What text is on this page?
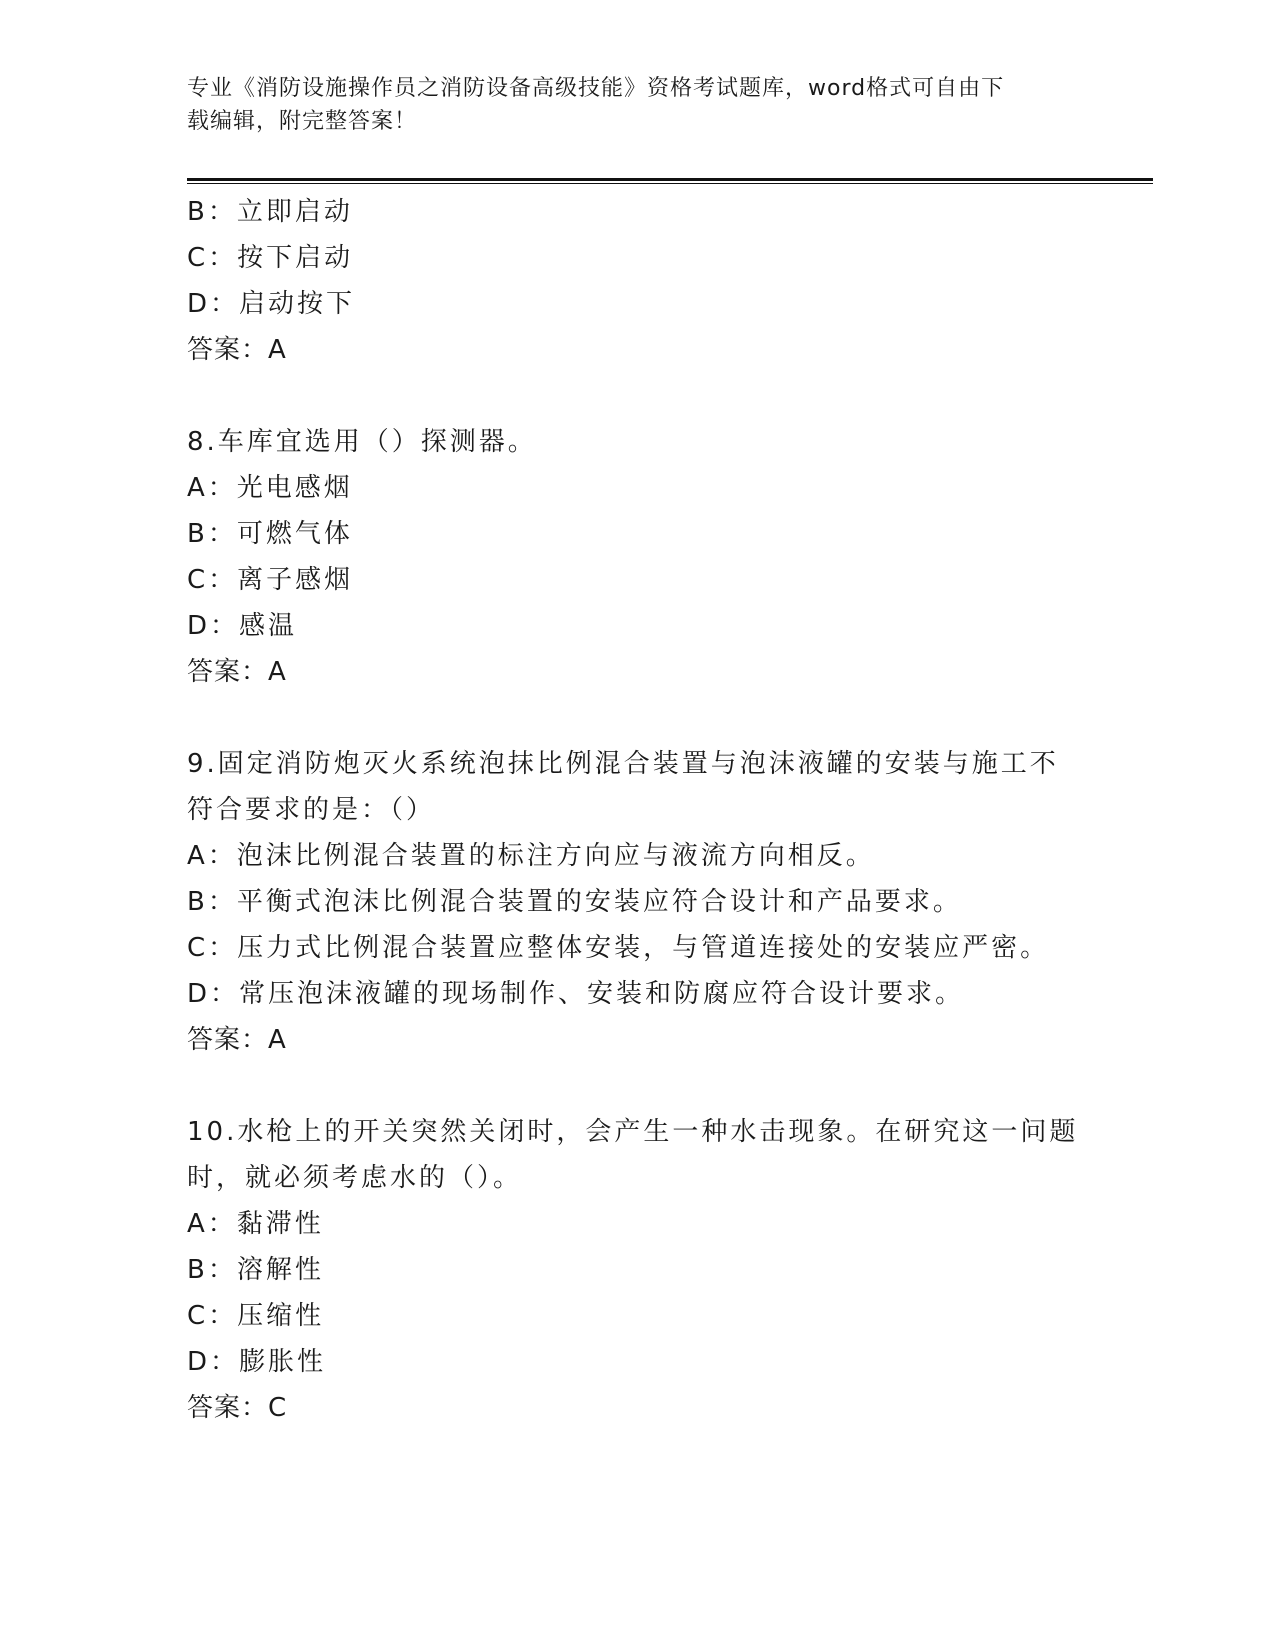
专业《消防设施操作员之消防设备高级技能》资格考试题库，word格式可自由下
载编辑，附完整答案！
B：立即启动
C：按下启动
D：启动按下
答案：A
8.车库宜选用（）探测器。
A：光电感烟
B：可燃气体
C：离子感烟
D：感温
答案：A
9.固定消防炮灭火系统泡抹比例混合装置与泡沫液罐的安装与施工不
符合要求的是：（）
A：泡沫比例混合装置的标注方向应与液流方向相反。
B：平衡式泡沫比例混合装置的安装应符合设计和产品要求。
C：压力式比例混合装置应整体安装，与管道连接处的安装应严密。
D：常压泡沫液罐的现场制作、安装和防腐应符合设计要求。
答案：A
10.水枪上的开关突然关闭时，会产生一种水击现象。在研究这一问题
时，就必须考虑水的（）。
A：黏滞性
B：溶解性
C：压缩性
D：膨胀性
答案：C
